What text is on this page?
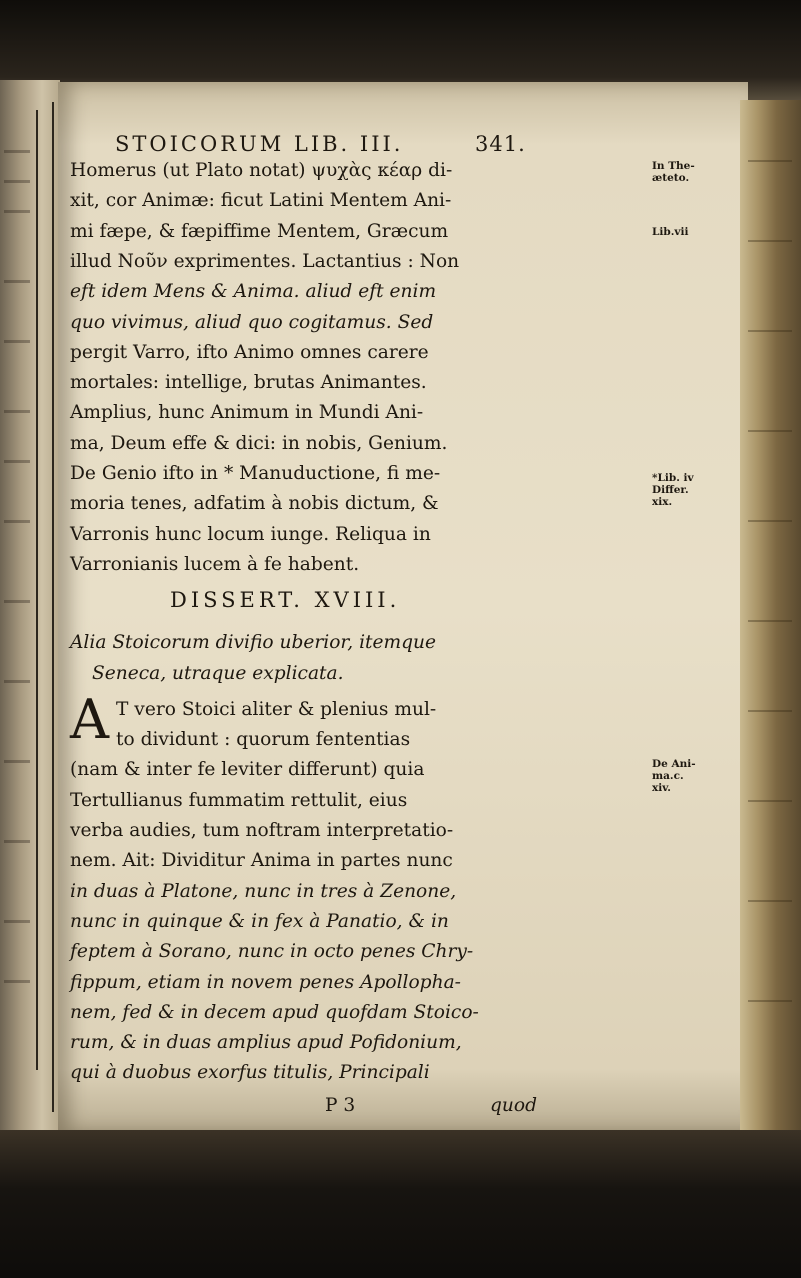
STOICORUM LIB. III.	341.
Homerus (ut Plato notat) ψυχὰς κέαρ di-
xit, cor Animæ: ficut Latini Mentem Ani-
mi fæpe, & fæpiffime Mentem, Græcum
illud Νοῦν exprimentes. Lactantius : Non
eft idem Mens & Anima. aliud eft enim
quo vivimus, aliud quo cogitamus. Sed
pergit Varro, ifto Animo omnes carere
mortales: intellige, brutas Animantes.
Amplius, hunc Animum in Mundi Ani-
ma, Deum effe & dici: in nobis, Genium.
De Genio ifto in * Manuductione, fi me-
moria tenes, adfatim à nobis dictum, &
Varronis hunc locum iunge. Reliqua in
Varronianis lucem à fe habent.
DISSERT. XVIII.
Alia Stoicorum divifio uberior, itemque
Seneca, utraque explicata.
A T vero Stoici aliter & plenius mul-
to dividunt : quorum fententias
(nam & inter fe leviter differunt) quia
Tertullianus fummatim rettulit, eius
verba audies, tum noftram interpretatio-
nem. Ait: Dividitur Anima in partes nunc
in duas à Platone, nunc in tres à Zenone,
nunc in quinque & in fex à Panatio, & in
feptem à Sorano, nunc in octo penes Chry-
fippum, etiam in novem penes Apollopha-
nem, fed & in decem apud quofdam Stoico-
rum, & in duas amplius apud Pofidonium,
qui à duobus exorfus titulis, Principali
P 3	quod
In The-
æteto.
Lib.vii
*Lib. iv
Differ.
xix.
De Ani-
ma.c.
xiv.
